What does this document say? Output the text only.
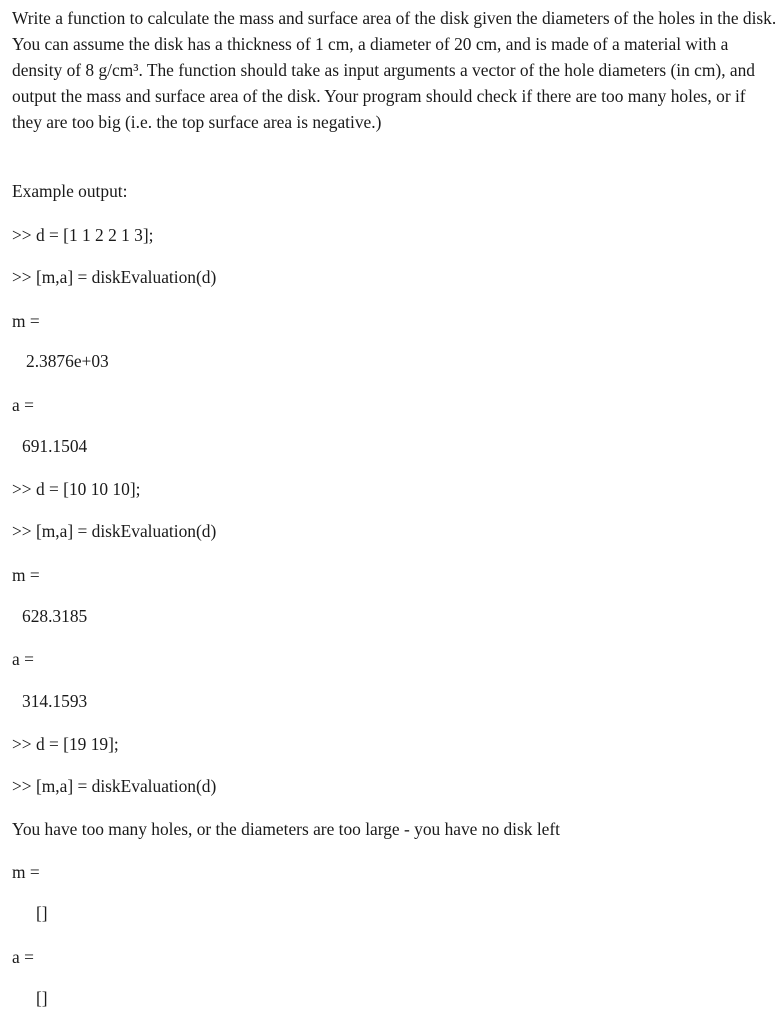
Write a function to calculate the mass and surface area of the disk given the diameters of the holes in the disk. You can assume the disk has a thickness of 1 cm, a diameter of 20 cm, and is made of a material with a density of 8 g/cm³. The function should take as input arguments a vector of the hole diameters (in cm), and output the mass and surface area of the disk. Your program should check if there are too many holes, or if they are too big (i.e. the top surface area is negative.)

Example output:
>> d = [1 1 2 2 1 3];
>> [m,a] = diskEvaluation(d)
m =
2.3876e+03
a =
691.1504
>> d = [10 10 10];
>> [m,a] = diskEvaluation(d)
m =
628.3185
a =
314.1593
>> d = [19 19];
>> [m,a] = diskEvaluation(d)
You have too many holes, or the diameters are too large - you have no disk left
m =
[]
a =
[]
